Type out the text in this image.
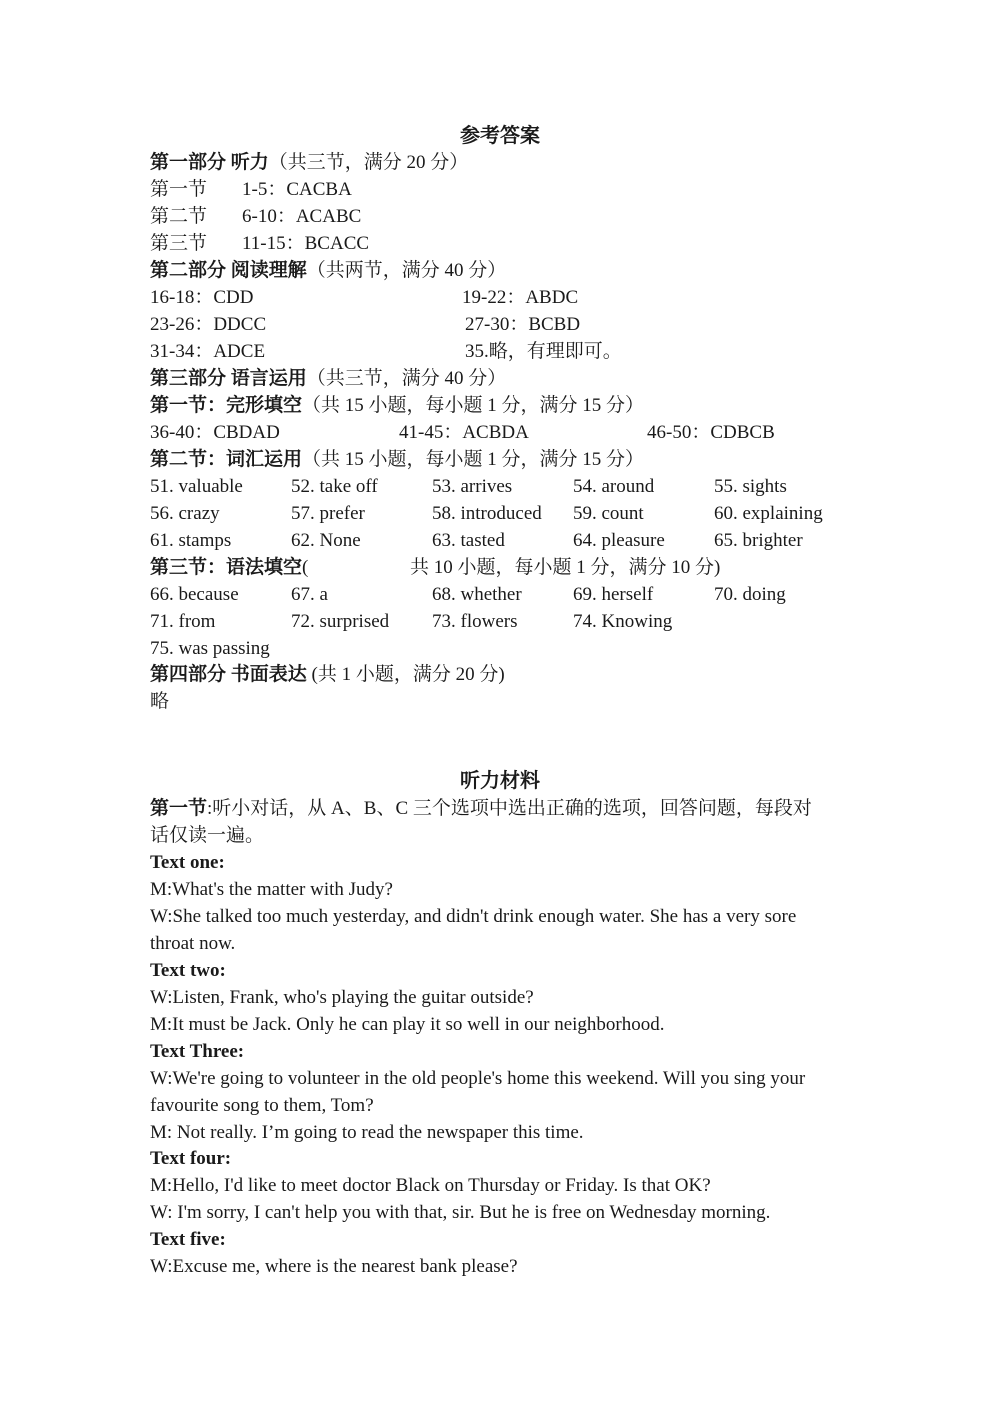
参考答案
第一部分 听力（共三节，满分 20 分）
第一节 1-5：CACBA
第二节 6-10：ACABC
第三节 11-15：BCACC
第二部分 阅读理解（共两节，满分 40 分）
16-18：CDD	19-22：ABDC
23-26：DDCC	27-30：BCBD
31-34：ADCE	35.略，有理即可。
第三部分 语言运用（共三节，满分 40 分）
第一节：完形填空（共 15 小题，每小题 1 分，满分 15 分）
36-40：CBDAD	41-45：ACBDA	46-50：CDBCB
第二节：词汇运用（共 15 小题，每小题 1 分，满分 15 分）
51. valuable	52. take off	53. arrives	54. around	55. sights
56. crazy	57. prefer	58. introduced 59. count	60. explaining
61. stamps	62. None	63. tasted	64. pleasure	65. brighter
第三节：语法填空(	共 10 小题，每小题 1 分，满分 10 分)
66. because	67. a	68. whether	69. herself	70. doing
71. from	72. surprised 73. flowers	74. Knowing
75. was passing
第四部分 书面表达 (共 1 小题，满分 20 分)
略
听力材料
第一节:听小对话，从 A、B、C 三个选项中选出正确的选项，回答问题，每段对
话仅读一遍。
Text one:
M:What's the matter with Judy?
W:She talked too much yesterday, and didn't drink enough water. She has a very sore
throat now.
Text two:
W:Listen, Frank, who's playing the guitar outside?
M:It must be Jack. Only he can play it so well in our neighborhood.
Text Three:
W:We're going to volunteer in the old people's home this weekend. Will you sing your
favourite song to them, Tom?
M: Not really. I’m going to read the newspaper this time.
Text four:
M:Hello, I'd like to meet doctor Black on Thursday or Friday. Is that OK?
W: I'm sorry, I can't help you with that, sir. But he is free on Wednesday morning.
Text five:
W:Excuse me, where is the nearest bank please?
